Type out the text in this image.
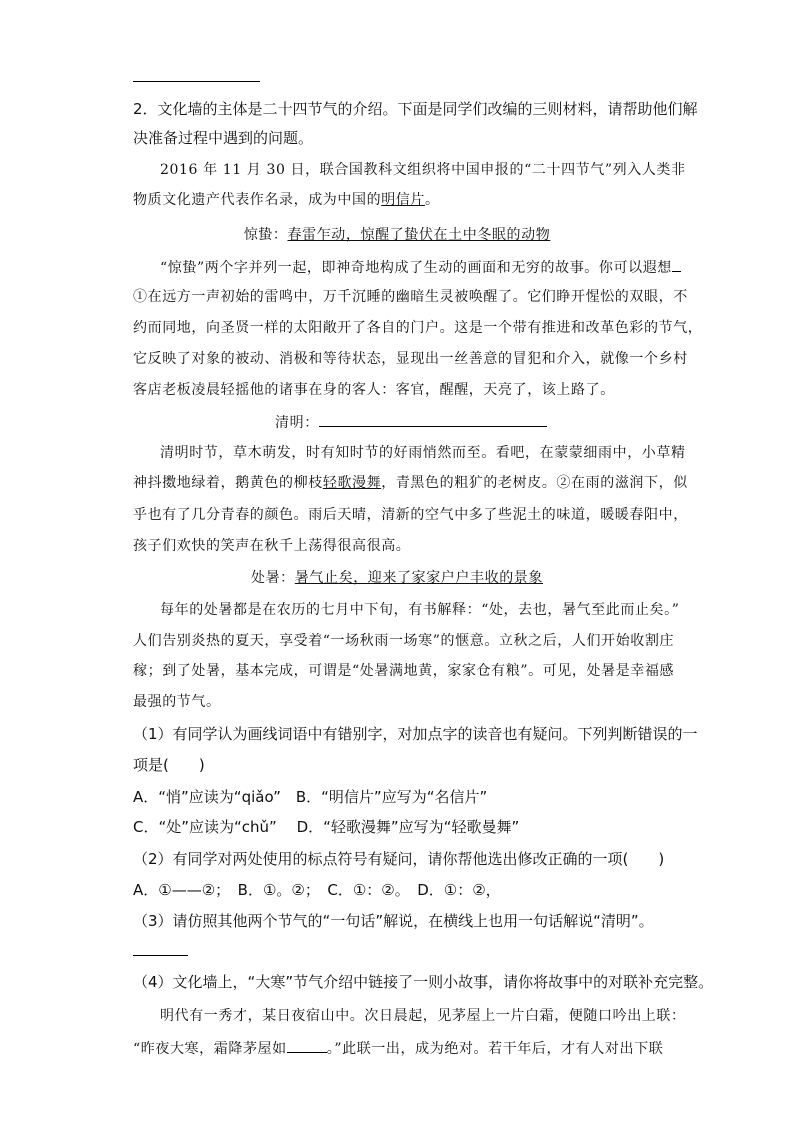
2．文化墙的主体是二十四节气的介绍。下面是同学们改编的三则材料，请帮助他们解
决准备过程中遇到的问题。
2016 年 11 月 30 日，联合国教科文组织将中国申报的“二十四节气”列入人类非
物质文化遗产代表作名录，成为中国的明信片。
惊蛰：春雷乍动，惊醒了蛰伏在土中冬眠的动物
“惊蛰”两个字并列一起，即神奇地构成了生动的画面和无穷的故事。你可以遐想
①在远方一声初始的雷鸣中，万千沉睡的幽暗生灵被唤醒了。它们睁开惺忪的双眼，不
约而同地，向圣贤一样的太阳敞开了各自的门户。这是一个带有推进和改革色彩的节气，
它反映了对象的被动、消极和等待状态，显现出一丝善意的冒犯和介入，就像一个乡村
客店老板凌晨轻摇他的诸事在身的客人：客官，醒醒，天亮了，该上路了。
清明：
清明时节，草木萌发，时有知时节的好雨悄然而至。看吧，在蒙蒙细雨中，小草精
神抖擞地绿着，鹅黄色的柳枝轻歌漫舞，青黑色的粗犷的老树皮。②在雨的滋润下，似
乎也有了几分青春的颜色。雨后天晴，清新的空气中多了些泥土的味道，暖暖春阳中，
孩子们欢快的笑声在秋千上荡得很高很高。
处暑：暑气止矣，迎来了家家户户丰收的景象
每年的处暑都是在农历的七月中下旬，有书解释：“处，去也，暑气至此而止矣。”
人们告别炎热的夏天，享受着“一场秋雨一场寒”的惬意。立秋之后，人们开始收割庄
稼；到了处暑，基本完成，可谓是“处暑满地黄，家家仓有粮”。可见，处暑是幸福感
最强的节气。
（1）有同学认为画线词语中有错别字，对加点字的读音也有疑问。下列判断错误的一
项是(　　)
A．“悄”应读为“qiǎo”　B．“明信片”应写为“名信片”
C．“处”应读为“chǔ”　 D．“轻歌漫舞”应写为“轻歌曼舞”
（2）有同学对两处使用的标点符号有疑问，请你帮他选出修改正确的一项(　　)
A．①——②；　B．①。②；　C．①：②。　D．①：②，
（3）请仿照其他两个节气的“一句话”解说，在横线上也用一句话解说“清明”。
（4）文化墙上，“大寒”节气介绍中链接了一则小故事，请你将故事中的对联补充完整。
明代有一秀才，某日夜宿山中。次日晨起，见茅屋上一片白霜，便随口吟出上联：
“昨夜大寒，霜降茅屋如	。”此联一出，成为绝对。若干年后，才有人对出下联
